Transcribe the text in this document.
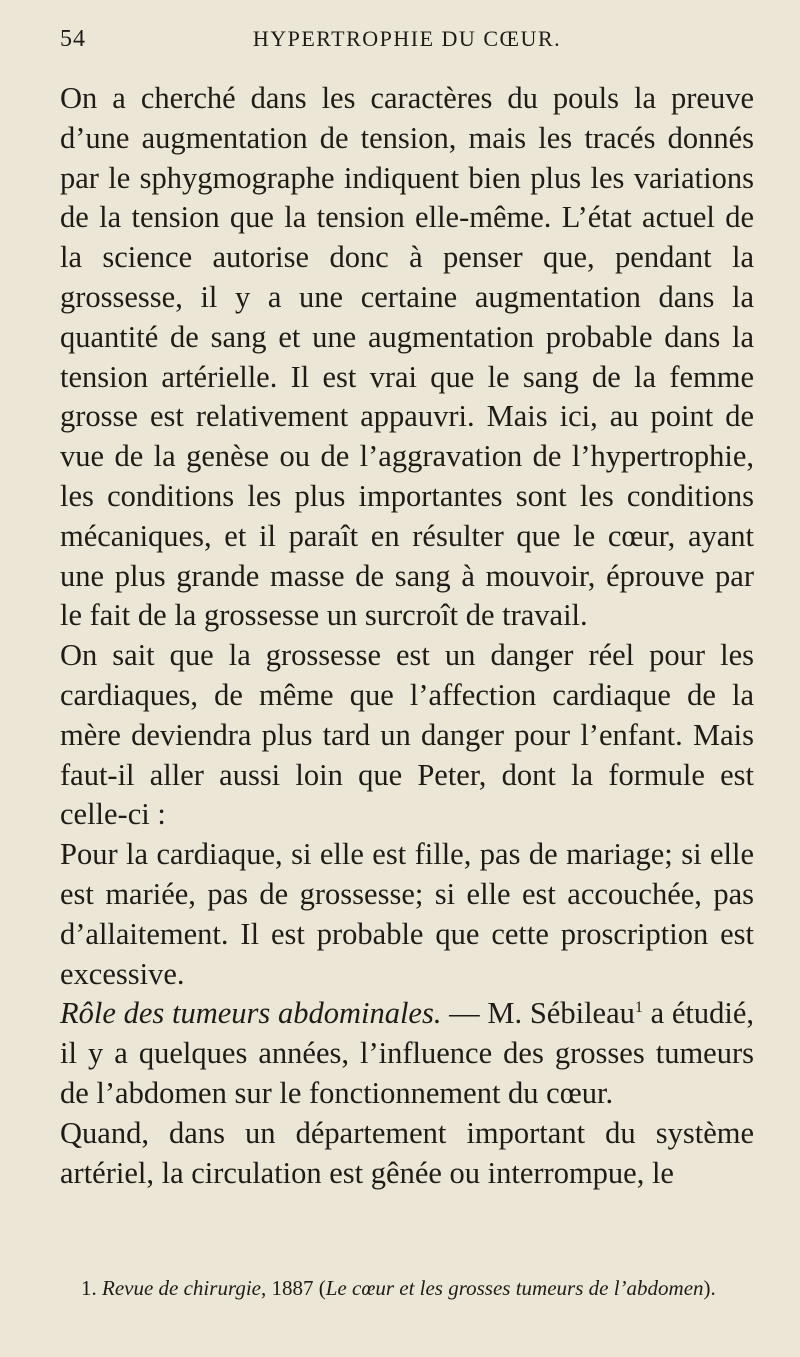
54	HYPERTROPHIE DU CŒUR.

On a cherché dans les caractères du pouls la preuve d’une augmentation de tension, mais les tracés donnés par le sphygmographe indiquent bien plus les variations de la tension que la tension elle-même. L’état actuel de la science autorise donc à penser que, pendant la grossesse, il y a une certaine augmentation dans la quantité de sang et une augmentation probable dans la tension artérielle. Il est vrai que le sang de la femme grosse est relativement appauvri. Mais ici, au point de vue de la genèse ou de l’aggravation de l’hypertrophie, les conditions les plus importantes sont les conditions mécaniques, et il paraît en résulter que le cœur, ayant une plus grande masse de sang à mouvoir, éprouve par le fait de la grossesse un surcroît de travail.

On sait que la grossesse est un danger réel pour les cardiaques, de même que l’affection cardiaque de la mère deviendra plus tard un danger pour l’enfant. Mais faut-il aller aussi loin que Peter, dont la formule est celle-ci :

Pour la cardiaque, si elle est fille, pas de mariage; si elle est mariée, pas de grossesse; si elle est accouchée, pas d’allaitement. Il est probable que cette proscription est excessive.

Rôle des tumeurs abdominales. — M. Sébileau$^1$ a étudié, il y a quelques années, l’influence des grosses tumeurs de l’abdomen sur le fonctionnement du cœur.

Quand, dans un département important du système artériel, la circulation est gênée ou interrompue, le

1. Revue de chirurgie, 1887 (Le cœur et les grosses tumeurs de l’abdomen).
